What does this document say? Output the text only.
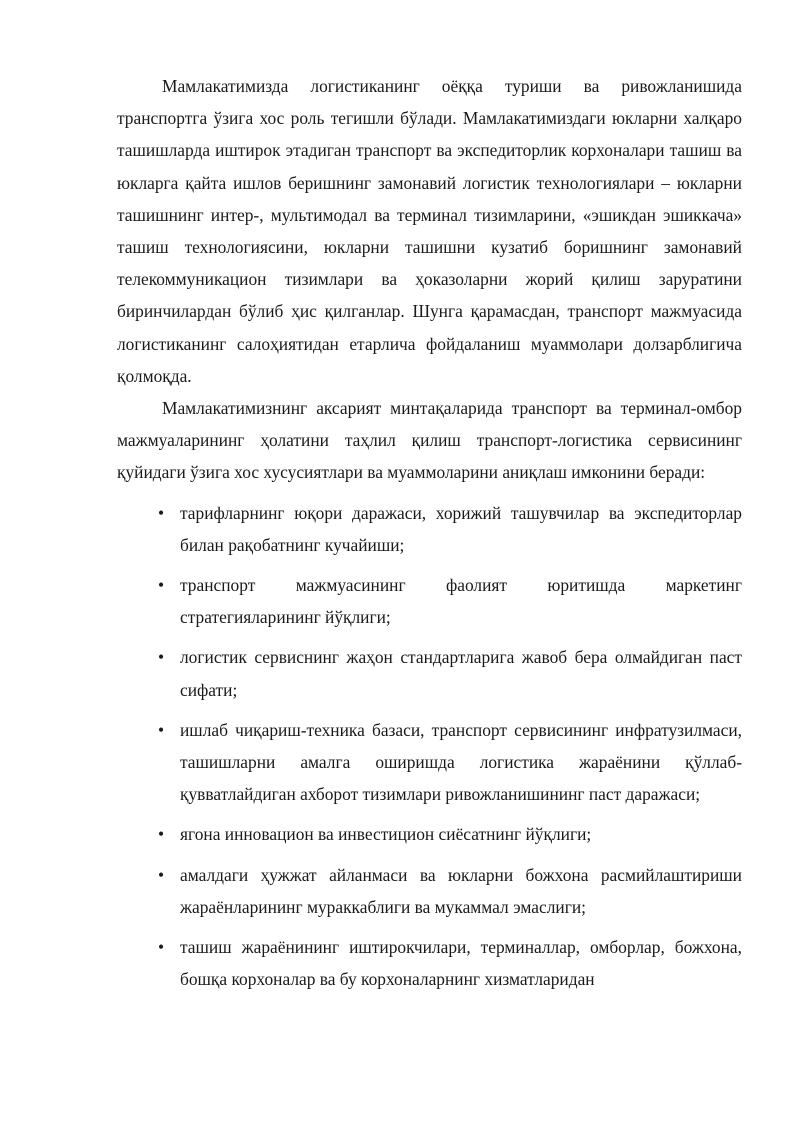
Мамлакатимизда логистиканинг оёққа туриши ва ривожланишида транспортга ўзига хос роль тегишли бўлади. Мамлакатимиздаги юкларни халқаро ташишларда иштирок этадиган транспорт ва экспедиторлик корхоналари ташиш ва юкларга қайта ишлов беришнинг замонавий логистик технологиялари – юкларни ташишнинг интер-, мультимодал ва терминал тизимларини, «эшикдан эшиккача» ташиш технологиясини, юкларни ташишни кузатиб боришнинг замонавий телекоммуникацион тизимлари ва ҳоказоларни жорий қилиш заруратини биринчилардан бўлиб ҳис қилганлар. Шунга қарамасдан, транспорт мажмуасида логистиканинг салоҳиятидан етарлича фойдаланиш муаммолари долзарблигича қолмоқда.

Мамлакатимизнинг аксарият минтақаларида транспорт ва терминал-омбор мажмуаларининг ҳолатини таҳлил қилиш транспорт-логистика сервисининг қуйидаги ўзига хос хусусиятлари ва муаммоларини аниқлаш имконини беради:

• тарифларнинг юқори даражаси, хорижий ташувчилар ва экспедиторлар билан рақобатнинг кучайиши;
• транспорт мажмуасининг фаолият юритишда маркетинг стратегияларининг йўқлиги;
• логистик сервиснинг жаҳон стандартларига жавоб бера олмайдиган паст сифати;
• ишлаб чиқариш-техника базаси, транспорт сервисининг инфратузилмаси, ташишларни амалга оширишда логистика жараёнини қўллаб-қувватлайдиган ахборот тизимлари ривожланишининг паст даражаси;
• ягона инновацион ва инвестицион сиёсатнинг йўқлиги;
• амалдаги ҳужжат айланмаси ва юкларни божхона расмийлаштириши жараёнларининг мураккаблиги ва мукаммал эмаслиги;
• ташиш жараёнининг иштирокчилари, терминаллар, омборлар, божхона, бошқа корхоналар ва бу корхоналарнинг хизматларидан
